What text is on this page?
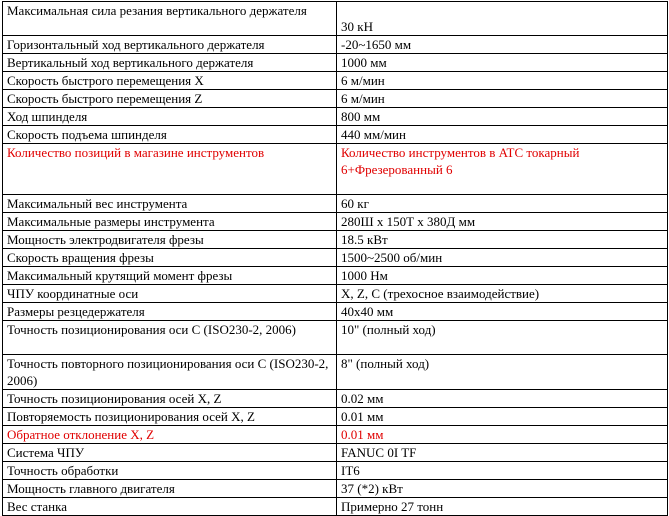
Максимальная сила резания вертикального держателя	30 кН

Горизонтальный ход вертикального держателя	-20~1650 мм
Вертикальный ход вертикального держателя	1000 мм
Скорость быстрого перемещения X	6 м/мин
Скорость быстрого перемещения Z	6 м/мин
Ход шпинделя	800 мм
Скорость подъема шпинделя	440 мм/мин
Количество позиций в магазине инструментов	Количество инструментов в ATC токарный 6+Фрезерованный 6
Максимальный вес инструмента	60 кг
Максимальные размеры инструмента	280Ш x 150Т x 380Д мм
Мощность электродвигателя фрезы	18.5 кВт
Скорость вращения фрезы	1500~2500 об/мин
Максимальный крутящий момент фрезы	1000 Нм
ЧПУ координатные оси	X, Z, C (трехосное взаимодействие)
Размеры резцедержателя	40x40 мм
Точность позиционирования оси C (ISO230-2, 2006)	10" (полный ход)
Точность повторного позиционирования оси C (ISO230-2, 2006)	8" (полный ход)
Точность позиционирования осей X, Z	0.02 мм
Повторяемость позиционирования осей X, Z	0.01 мм
Обратное отклонение X, Z	0.01 мм
Система ЧПУ	FANUC 0I TF
Точность обработки	IT6
Мощность главного двигателя	37 (*2) кВт
Вес станка	Примерно 27 тонн
